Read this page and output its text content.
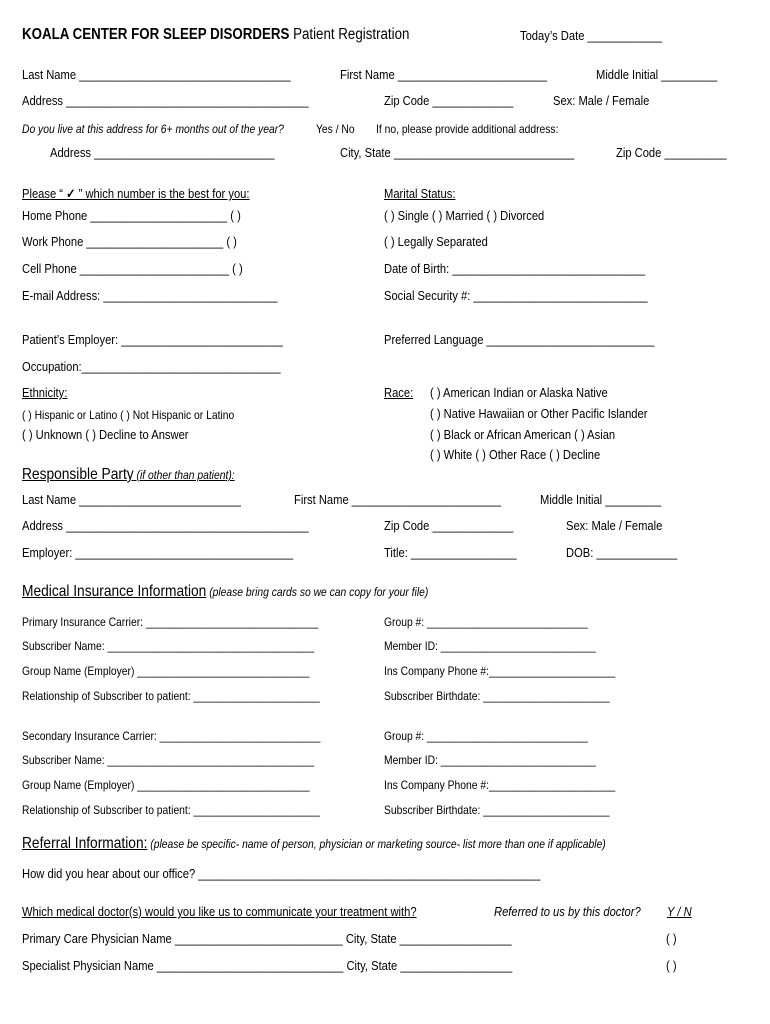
KOALA CENTER FOR SLEEP DISORDERS Patient Registration	Today’s Date ____________
Last Name __________________________________	First Name ________________________	Middle Initial _________
Address _______________________________________	Zip Code _____________	Sex: Male / Female
Do you live at this address for 6+ months out of the year?	Yes / No If no, please provide additional address:
Address _____________________________	City, State _____________________________	Zip Code __________
Please “ ✓ ” which number is the best for you:	Marital Status:
Home Phone ______________________ ( )	( ) Single ( ) Married ( ) Divorced
Work Phone ______________________ ( )	( ) Legally Separated
Cell Phone ________________________ ( )	Date of Birth: _______________________________
E-mail Address: ____________________________	Social Security #: ____________________________
Patient’s Employer: __________________________	Preferred Language ___________________________
Occupation:________________________________
Ethnicity:	Race: ( ) American Indian or Alaska Native
( ) Hispanic or Latino ( ) Not Hispanic or Latino	( ) Native Hawaiian or Other Pacific Islander
( ) Unknown ( ) Decline to Answer	( ) Black or African American ( ) Asian
( ) White ( ) Other Race ( ) Decline
Responsible Party (if other than patient):
Last Name __________________________	First Name ________________________	Middle Initial _________
Address _______________________________________	Zip Code _____________	Sex: Male / Female
Employer: ___________________________________	Title: _________________	DOB: _____________
Medical Insurance Information (please bring cards so we can copy for your file)
Primary Insurance Carrier: ______________________________	Group #: ____________________________
Subscriber Name: ____________________________________	Member ID: ___________________________
Group Name (Employer) ______________________________	Ins Company Phone #:______________________
Relationship of Subscriber to patient: ______________________	Subscriber Birthdate: ______________________
Secondary Insurance Carrier: ____________________________	Group #: ____________________________
Subscriber Name: ____________________________________	Member ID: ___________________________
Group Name (Employer) ______________________________	Ins Company Phone #:______________________
Relationship of Subscriber to patient: ______________________	Subscriber Birthdate: ______________________
Referral Information: (please be specific- name of person, physician or marketing source- list more than one if applicable)
How did you hear about our office? _______________________________________________________
Which medical doctor(s) would you like us to communicate your treatment with?	Referred to us by this doctor? Y / N
Primary Care Physician Name ___________________________ City, State __________________	( )
Specialist Physician Name ______________________________ City, State __________________	( )
